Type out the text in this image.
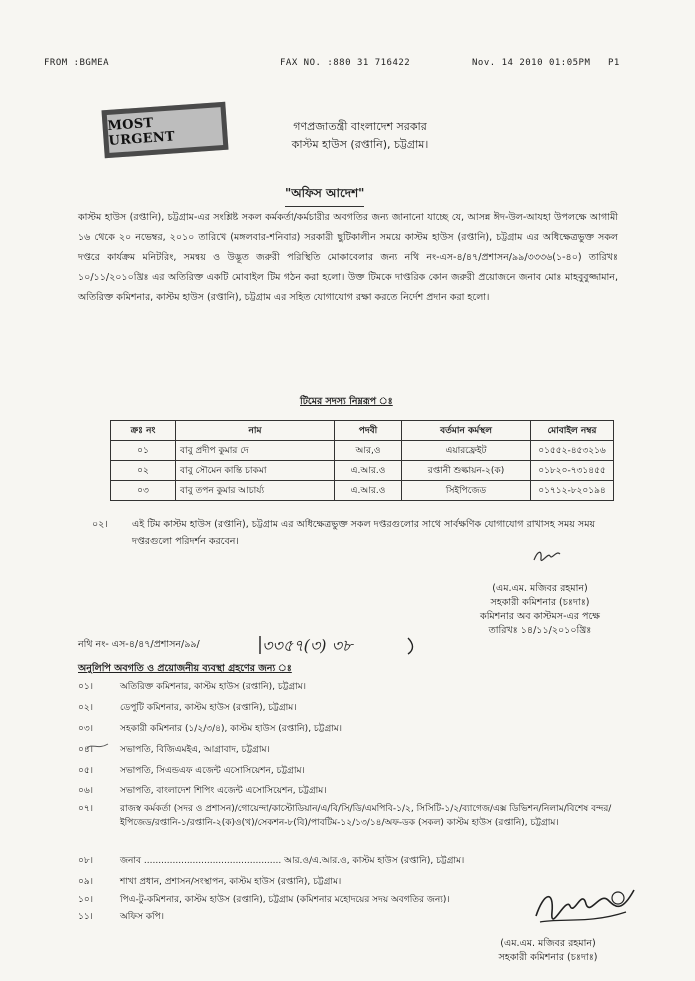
FROM :BGMEA	FAX NO. :880 31 716422	Nov. 14 2010 01:05PM P1
MOST URGENT
গণপ্রজাতন্ত্রী বাংলাদেশ সরকার
কাস্টম হাউস (রপ্তানি), চট্টগ্রাম।
"অফিস আদেশ"
কাস্টম হাউস (রপ্তানি), চট্টগ্রাম-এর সংশ্লিষ্ট সকল কর্মকর্তা/কর্মচারীর অবগতির জন্য জানানো যাচ্ছে যে, আসন্ন ঈদ-উল-আযহা উপলক্ষে আগামী ১৬ থেকে ২০ নভেম্বর, ২০১০ তারিখে (মঙ্গলবার-শনিবার) সরকারী ছুটিকালীন সময়ে কাস্টম হাউস (রপ্তানি), চট্টগ্রাম এর অধিক্ষেত্রভুক্ত সকল দপ্তরে কার্যক্রম মনিটরিং, সমন্বয় ও উদ্ভূত জরুরী পরিস্থিতি মোকাবেলার জন্য নথি নং-এস-৪/৪৭/প্রশাসন/৯৯/৩৩৩৬(১-৪০) তারিখঃ ১০/১১/২০১০খ্রিঃ এর অতিরিক্ত একটি মোবাইল টিম গঠন করা হলো। উক্ত টিমকে দাপ্তরিক কোন জরুরী প্রয়োজনে জনাব মোঃ মাহবুবুজ্জামান, অতিরিক্ত কমিশনার, কাস্টম হাউস (রপ্তানি), চট্টগ্রাম এর সহিত যোগাযোগ রক্ষা করতে নির্দেশ প্রদান করা হলো।
টিমের সদস্য নিম্নরূপ ঃ
ক্রঃ নং	নাম	পদবী	বর্তমান কর্মস্থল	মোবাইল নম্বর
০১	বাবু প্রদীপ কুমার দে	আর,ও	এয়ারফ্রেইট	০১৫৫২-৪৫৩২১৬
০২	বাবু সৌমেন কান্তি চাকমা	এ.আর.ও	রপ্তানী শুল্কায়ন-২(ক)	০১৮২০-৭৩১৪৫৫
০৩	বাবু তপন কুমার আচার্য্য	এ.আর.ও	সিইপিজেড	০১৭১২-৮২০১৯৪
০২।	এই টিম কাস্টম হাউস (রপ্তানি), চট্টগ্রাম এর অধিক্ষেত্রভুক্ত সকল দপ্তরগুলোর সাথে সার্বক্ষণিক যোগাযোগ রাখাসহ সময় সময় দপ্তরগুলো পরিদর্শন করবেন।
(এম.এম. মজিবর রহমান)
সহকারী কমিশনার (চঃদাঃ)
কমিশনার অব কাস্টমস-এর পক্ষে
তারিখঃ ১৪/১১/২০১০খ্রিঃ
নথি নং- এস-৪/৪৭/প্রশাসন/৯৯/	৩৩৫৭(৩) ৩৮
অনুলিপি অবগতি ও প্রয়োজনীয় ব্যবস্থা গ্রহণের জন্য ঃ
০১।	অতিরিক্ত কমিশনার, কাস্টম হাউস (রপ্তানি), চট্টগ্রাম।
০২।	ডেপুটি কমিশনার, কাস্টম হাউস (রপ্তানি), চট্টগ্রাম।
০৩।	সহকারী কমিশনার (১/২/৩/৪), কাস্টম হাউস (রপ্তানি), চট্টগ্রাম।
০৪।	সভাপতি, বিজিএমইএ, আগ্রাবাদ, চট্টগ্রাম।
০৫।	সভাপতি, সিএন্ডএফ এজেন্ট এসোসিয়েশন, চট্টগ্রাম।
০৬।	সভাপতি, বাংলাদেশ শিপিং এজেন্ট এসোসিয়েশন, চট্টগ্রাম।
০৭।	রাজস্ব কর্মকর্তা (সদর ও প্রশাসন)/গোয়েন্দা/কাস্টোডিয়ান/এ/বি/সি/ডি/এমপিবি-১/২, সিসিটি-১/২/ব্যাগেজ/এক্স ডিভিশন/নিলাম/বিশেষ বন্দর/ইপিজেড/রপ্তানি-১/রপ্তানি-২(ক)ও(খ)/সেকশন-৮(বি)/পাবটিম-১২/১৩/১৪/অফ-ডক (সকল) কাস্টম হাউস (রপ্তানি), চট্টগ্রাম।
০৮।	জনাব ................................................ আর.ও/এ.আর.ও, কাস্টম হাউস (রপ্তানি), চট্টগ্রাম।
০৯।	শাখা প্রধান, প্রশাসন/সংস্থাপন, কাস্টম হাউস (রপ্তানি), চট্টগ্রাম।
১০।	পিএ-টু-কমিশনার, কাস্টম হাউস (রপ্তানি), চট্টগ্রাম (কমিশনার মহোদয়ের সদয় অবগতির জন্য)।
১১।	অফিস কপি।
(এম.এম. মজিবর রহমান)
সহকারী কমিশনার (চঃদাঃ)
